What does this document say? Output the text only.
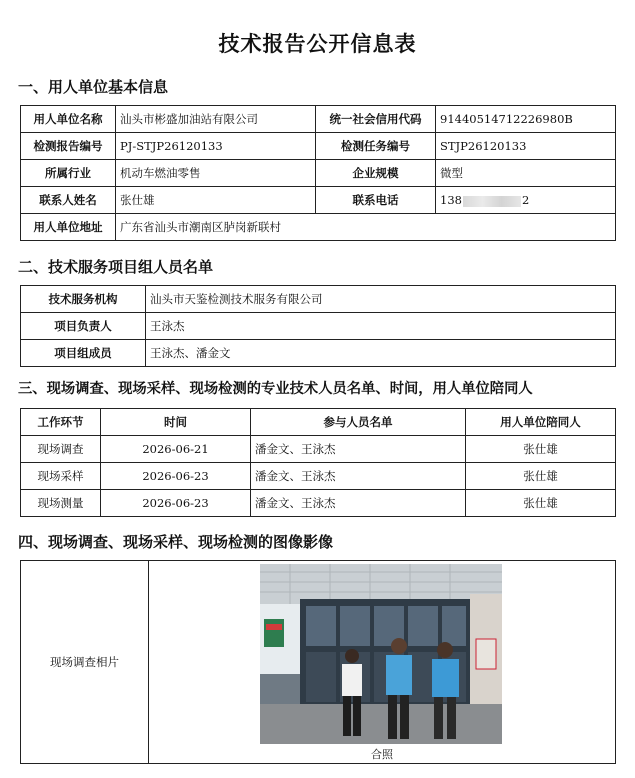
技术报告公开信息表
一、用人单位基本信息
用人单位名称	汕头市彬盛加油站有限公司	统一社会信用代码	91440514712226980B
检测报告编号	PJ-STJP26120133	检测任务编号	STJP26120133
所属行业	机动车燃油零售	企业规模	微型
联系人姓名	张仕雄	联系电话	138 2
用人单位地址	广东省汕头市潮南区胪岗新联村		
二、技术服务项目组人员名单
技术服务机构	汕头市天鉴检测技术服务有限公司
项目负责人	王泳杰
项目组成员	王泳杰、潘金文
三、现场调查、现场采样、现场检测的专业技术人员名单、时间，用人单位陪同人
工作环节	时间	参与人员名单	用人单位陪同人
现场调查	2026-06-21	潘金文、王泳杰	张仕雄
现场采样	2026-06-23	潘金文、王泳杰	张仕雄
现场测量	2026-06-23	潘金文、王泳杰	张仕雄
四、现场调查、现场采样、现场检测的图像影像
现场调查相片	
合照
